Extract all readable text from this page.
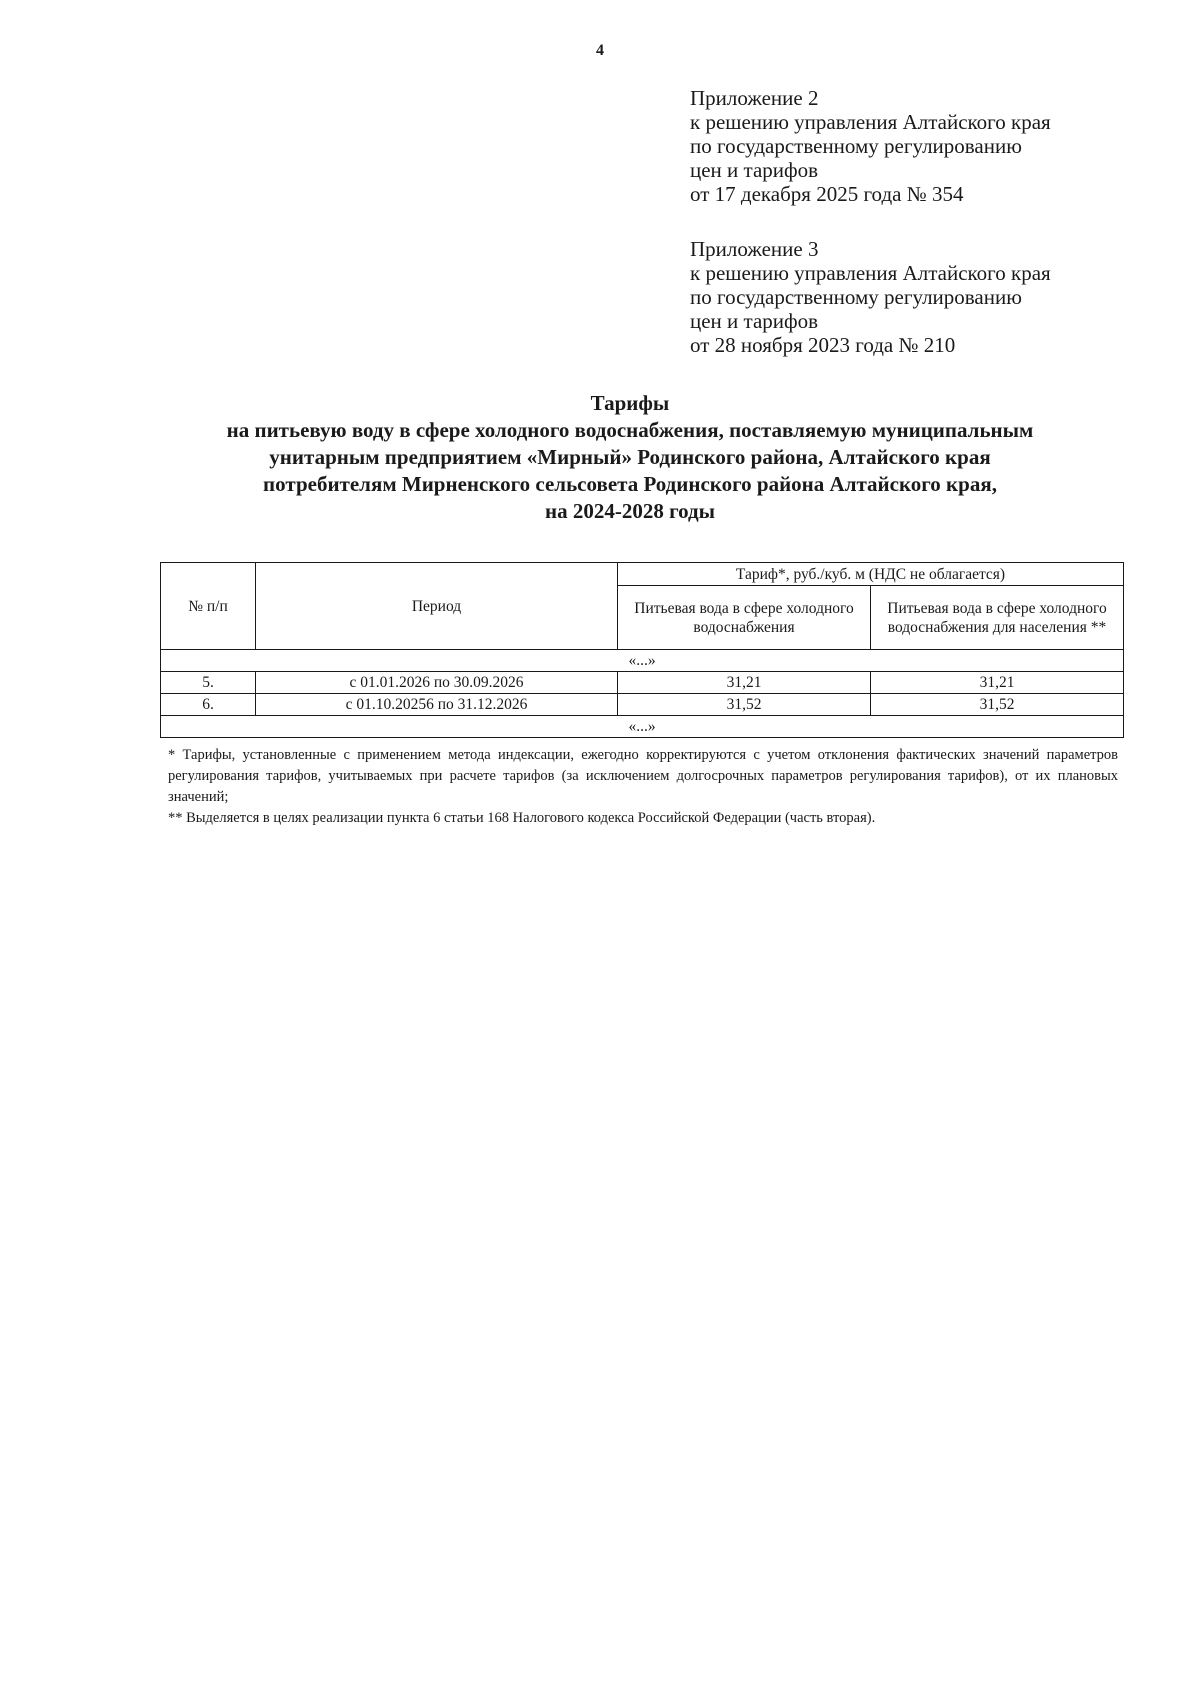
4
Приложение 2
к решению управления Алтайского края
по государственному регулированию
цен и тарифов
от 17 декабря 2025 года № 354
Приложение 3
к решению управления Алтайского края
по государственному регулированию
цен и тарифов
от 28 ноября 2023 года № 210
Тарифы
на питьевую воду в сфере холодного водоснабжения, поставляемую муниципальным
унитарным предприятием «Мирный» Родинского района, Алтайского края
потребителям Мирненского сельсовета Родинского района Алтайского края,
на 2024-2028 годы
№ п/п	Период	Тариф*, руб./куб. м (НДС не облагается)	
		Питьевая вода в сфере холодного водоснабжения	Питьевая вода в сфере холодного водоснабжения для населения **
«...»			
5.	с 01.01.2026 по 30.09.2026	31,21	31,21
6.	с 01.10.20256 по 31.12.2026	31,52	31,52
«...»			

* Тарифы, установленные с применением метода индексации, ежегодно корректируются с учетом отклонения фактических значений параметров регулирования тарифов, учитываемых при расчете тарифов (за исключением долгосрочных параметров регулирования тарифов), от их плановых значений;

** Выделяется в целях реализации пункта 6 статьи 168 Налогового кодекса Российской Федерации (часть вторая).
